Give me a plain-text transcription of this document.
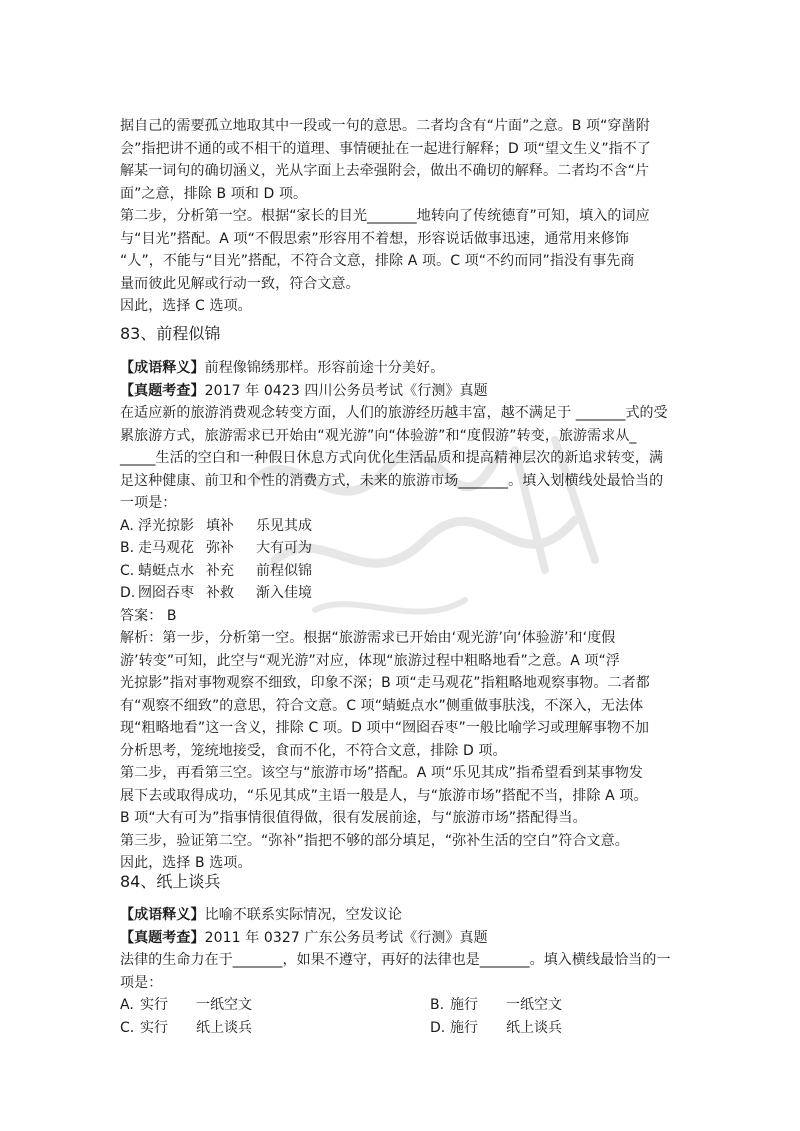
据自己的需要孤立地取其中一段或一句的意思。二者均含有“片面”之意。B 项“穿凿附

会”指把讲不通的或不相干的道理、事情硬扯在一起进行解释；D 项“望文生义”指不了

解某一词句的确切涵义，光从字面上去牵强附会，做出不确切的解释。二者均不含“片

面”之意，排除 B 项和 D 项。

第二步，分析第一空。根据“家长的目光_______地转向了传统德育”可知，填入的词应

与“目光”搭配。A 项“不假思索”形容用不着想，形容说话做事迅速，通常用来修饰

“人”，不能与“目光”搭配，不符合文意，排除 A 项。C 项“不约而同”指没有事先商

量而彼此见解或行动一致，符合文意。

因此，选择 C 选项。

83、前程似锦

【成语释义】前程像锦绣那样。形容前途十分美好。

【真题考查】2017 年 0423 四川公务员考试《行测》真题

在适应新的旅游消费观念转变方面，人们的旅游经历越丰富，越不满足于 _______式的受

累旅游方式，旅游需求已开始由“观光游”向“体验游”和“度假游”转变，旅游需求从_

_____生活的空白和一种假日休息方式向优化生活品质和提高精神层次的新追求转变，满

足这种健康、前卫和个性的消费方式，未来的旅游市场_______。填入划横线处最恰当的

一项是：

A. 浮光掠影 填补	乐见其成
B. 走马观花 弥补	大有可为
C. 蜻蜓点水 补充	前程似锦
D. 囫囵吞枣 补救	渐入佳境

答案： B

解析：第一步，分析第一空。根据“旅游需求已开始由‘观光游’向‘体验游’和‘度假

游’转变”可知，此空与“观光游”对应，体现“旅游过程中粗略地看”之意。A 项“浮

光掠影”指对事物观察不细致，印象不深；B 项“走马观花”指粗略地观察事物。二者都

有“观察不细致”的意思，符合文意。C 项“蜻蜓点水”侧重做事肤浅，不深入，无法体

现“粗略地看”这一含义，排除 C 项。D 项中“囫囵吞枣”一般比喻学习或理解事物不加

分析思考，笼统地接受，食而不化，不符合文意，排除 D 项。

第二步，再看第三空。该空与“旅游市场”搭配。A 项“乐见其成”指希望看到某事物发

展下去或取得成功，“乐见其成”主语一般是人，与“旅游市场”搭配不当，排除 A 项。

B 项“大有可为”指事情很值得做，很有发展前途，与“旅游市场”搭配得当。

第三步，验证第二空。“弥补”指把不够的部分填足，“弥补生活的空白”符合文意。

因此，选择 B 选项。

84、纸上谈兵

【成语释义】比喻不联系实际情况，空发议论

【真题考查】2011 年 0327 广东公务员考试《行测》真题

法律的生命力在于_______，如果不遵守，再好的法律也是_______。填入横线最恰当的一

项是：

A. 实行	一纸空文	B. 施行	一纸空文
C. 实行	纸上谈兵	D. 施行	纸上谈兵
